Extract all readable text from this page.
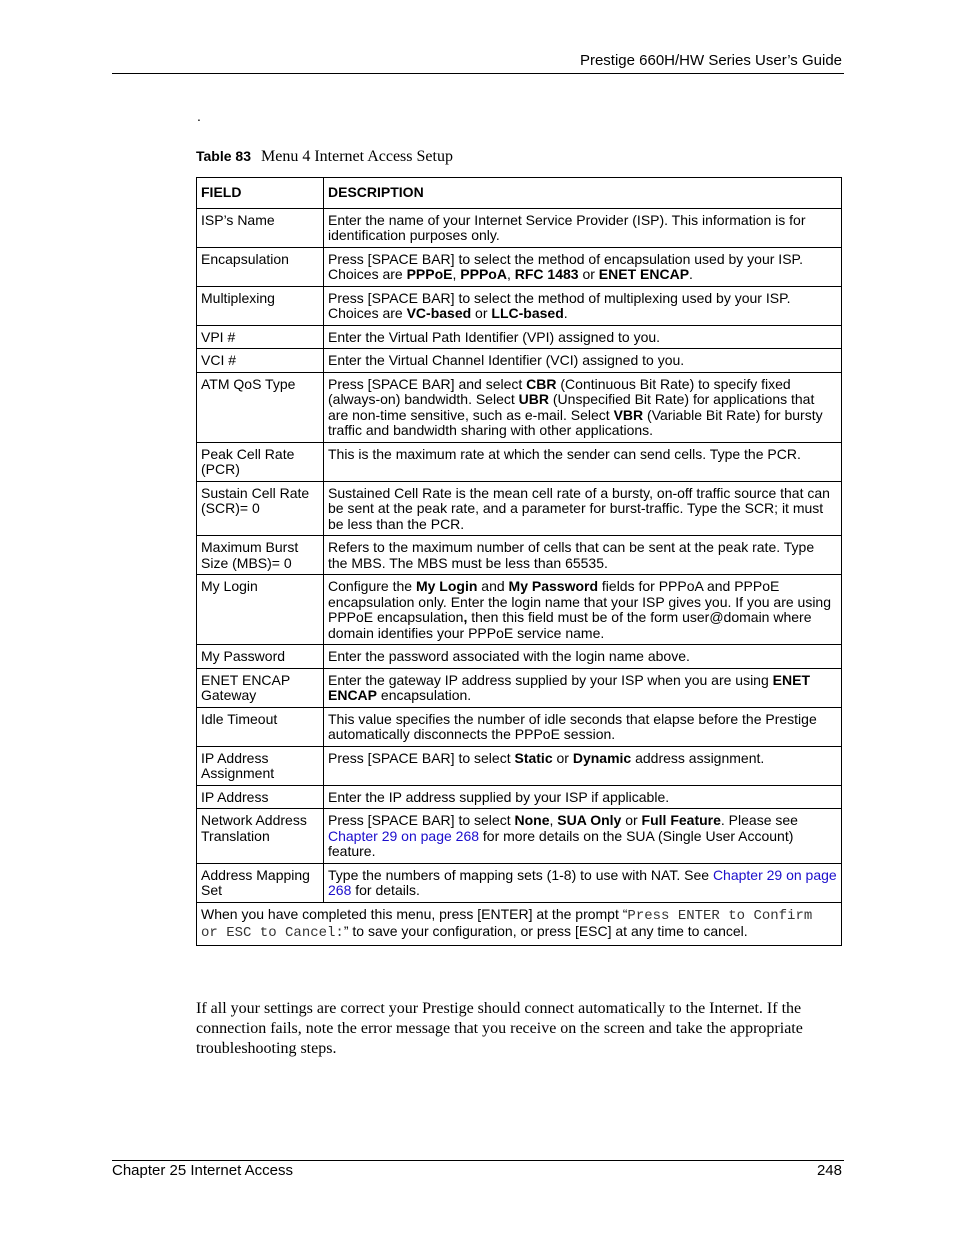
Prestige 660H/HW Series User’s Guide
.
Table 83 Menu 4 Internet Access Setup
FIELD	DESCRIPTION
ISP’s Name	Enter the name of your Internet Service Provider (ISP). This information is for identification purposes only.
Encapsulation	Press [SPACE BAR] to select the method of encapsulation used by your ISP. Choices are PPPoE, PPPoA, RFC 1483 or ENET ENCAP.
Multiplexing	Press [SPACE BAR] to select the method of multiplexing used by your ISP. Choices are VC-based or LLC-based.
VPI #	Enter the Virtual Path Identifier (VPI) assigned to you.
VCI #	Enter the Virtual Channel Identifier (VCI) assigned to you.
ATM QoS Type	Press [SPACE BAR] and select CBR (Continuous Bit Rate) to specify fixed (always-on) bandwidth. Select UBR (Unspecified Bit Rate) for applications that are non-time sensitive, such as e-mail. Select VBR (Variable Bit Rate) for bursty traffic and bandwidth sharing with other applications.
Peak Cell Rate (PCR)	This is the maximum rate at which the sender can send cells. Type the PCR.
Sustain Cell Rate (SCR)= 0	Sustained Cell Rate is the mean cell rate of a bursty, on-off traffic source that can be sent at the peak rate, and a parameter for burst-traffic. Type the SCR; it must be less than the PCR.
Maximum Burst Size (MBS)= 0	Refers to the maximum number of cells that can be sent at the peak rate. Type the MBS. The MBS must be less than 65535.
My Login	Configure the My Login and My Password fields for PPPoA and PPPoE encapsulation only. Enter the login name that your ISP gives you. If you are using PPPoE encapsulation, then this field must be of the form user@domain where domain identifies your PPPoE service name.
My Password	Enter the password associated with the login name above.
ENET ENCAP Gateway	Enter the gateway IP address supplied by your ISP when you are using ENET ENCAP encapsulation.
Idle Timeout	This value specifies the number of idle seconds that elapse before the Prestige automatically disconnects the PPPoE session.
IP Address Assignment	Press [SPACE BAR] to select Static or Dynamic address assignment.
IP Address	Enter the IP address supplied by your ISP if applicable.
Network Address Translation	Press [SPACE BAR] to select None, SUA Only or Full Feature. Please see Chapter 29 on page 268 for more details on the SUA (Single User Account) feature.
Address Mapping Set	Type the numbers of mapping sets (1-8) to use with NAT. See Chapter 29 on page 268 for details.
When you have completed this menu, press [ENTER] at the prompt “Press ENTER to Confirm or ESC to Cancel:” to save your configuration, or press [ESC] at any time to cancel.	
If all your settings are correct your Prestige should connect automatically to the Internet. If the connection fails, note the error message that you receive on the screen and take the appropriate troubleshooting steps.
Chapter 25 Internet Access	248
